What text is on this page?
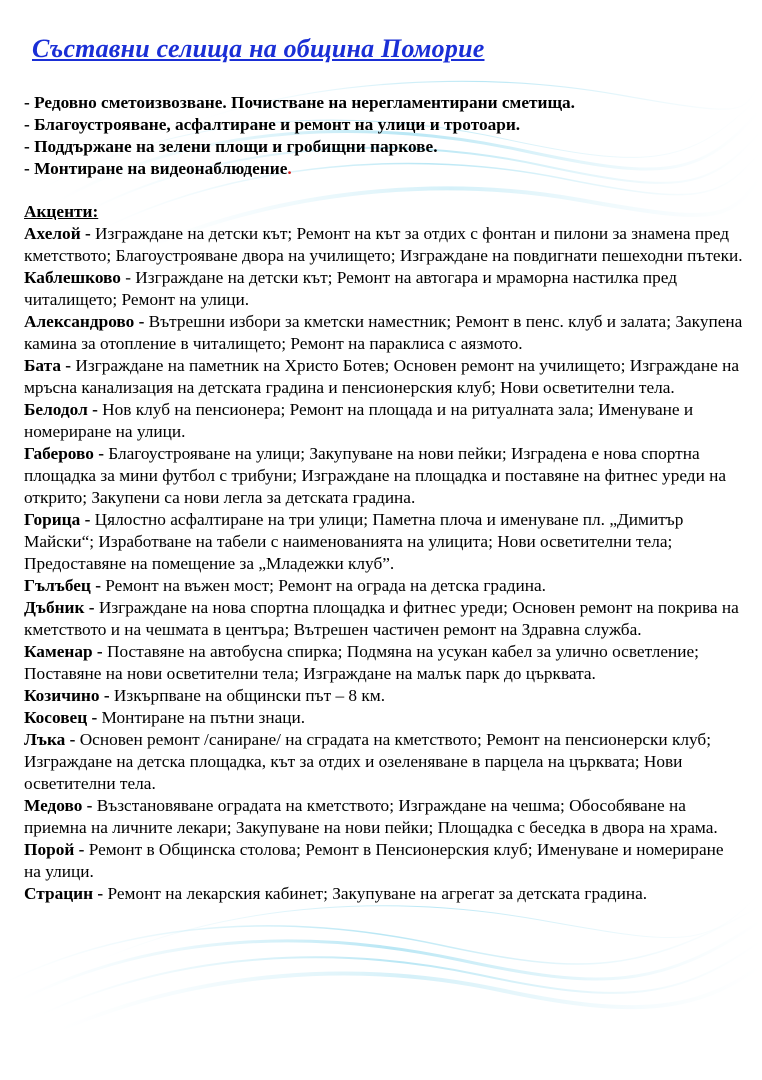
Съставни селища на община Поморие
- Редовно сметоизвозване. Почистване на нерегламентирани сметища.
- Благоустрояване, асфалтиране и ремонт на улици и тротоари.
- Поддържане на зелени площи и гробищни паркове.
- Монтиране на видеонаблюдение.
Акценти:
Ахелой - Изграждане на детски кът; Ремонт на кът за отдих с фонтан и пилони за знамена пред кметството; Благоустрояване двора на училището; Изграждане на повдигнати пешеходни пътеки.
Каблешково - Изграждане на детски кът; Ремонт на автогара и мраморна настилка пред читалището; Ремонт на улици.
Александрово - Вътрешни избори за кметски наместник; Ремонт в пенс. клуб и залата; Закупена камина за отопление в читалището; Ремонт на параклиса с аязмото.
Бата - Изграждане на паметник на Христо Ботев; Основен ремонт на училището; Изграждане на мръсна канализация на детската градина и пенсионерския клуб; Нови осветителни тела.
Белодол - Нов клуб на пенсионера; Ремонт на площада и на ритуалната зала; Именуване и номериране на улици.
Габерово - Благоустрояване на улици; Закупуване на нови пейки; Изградена е нова спортна площадка за мини футбол с трибуни; Изграждане на площадка и поставяне на фитнес уреди на открито; Закупени са нови легла за детската градина.
Горица - Цялостно асфалтиране на три улици; Паметна плоча и именуване пл. „Димитър Майски“; Изработване на табели с наименованията на улицита; Нови осветителни тела; Предоставяне на помещение за „Младежки клуб”.
Гълъбец - Ремонт на въжен мост; Ремонт на ограда на детска градина.
Дъбник - Изграждане на нова спортна площадка и фитнес уреди; Основен ремонт на покрива на кметството и на чешмата в центъра; Вътрешен частичен ремонт на Здравна служба.
Каменар - Поставяне на автобусна спирка; Подмяна на усукан кабел за улично осветление; Поставяне на нови осветителни тела; Изграждане на малък парк до църквата.
Козичино - Изкърпване на общински път – 8 км.
Косовец - Монтиране на пътни знаци.
Лъка - Основен ремонт /саниране/ на сградата на кметството; Ремонт на пенсионерски клуб; Изграждане на детска площадка, кът за отдих и озеленяване в парцела на църквата; Нови осветителни тела.
Медово - Възстановяване оградата на кметството; Изграждане на чешма; Обособяване на приемна на личните лекари; Закупуване на нови пейки; Площадка с беседка в двора на храма.
Порой - Ремонт в Общинска столова; Ремонт в Пенсионерския клуб; Именуване и номериране на улици.
Страцин - Ремонт на лекарския кабинет; Закупуване на агрегат за детската градина.
